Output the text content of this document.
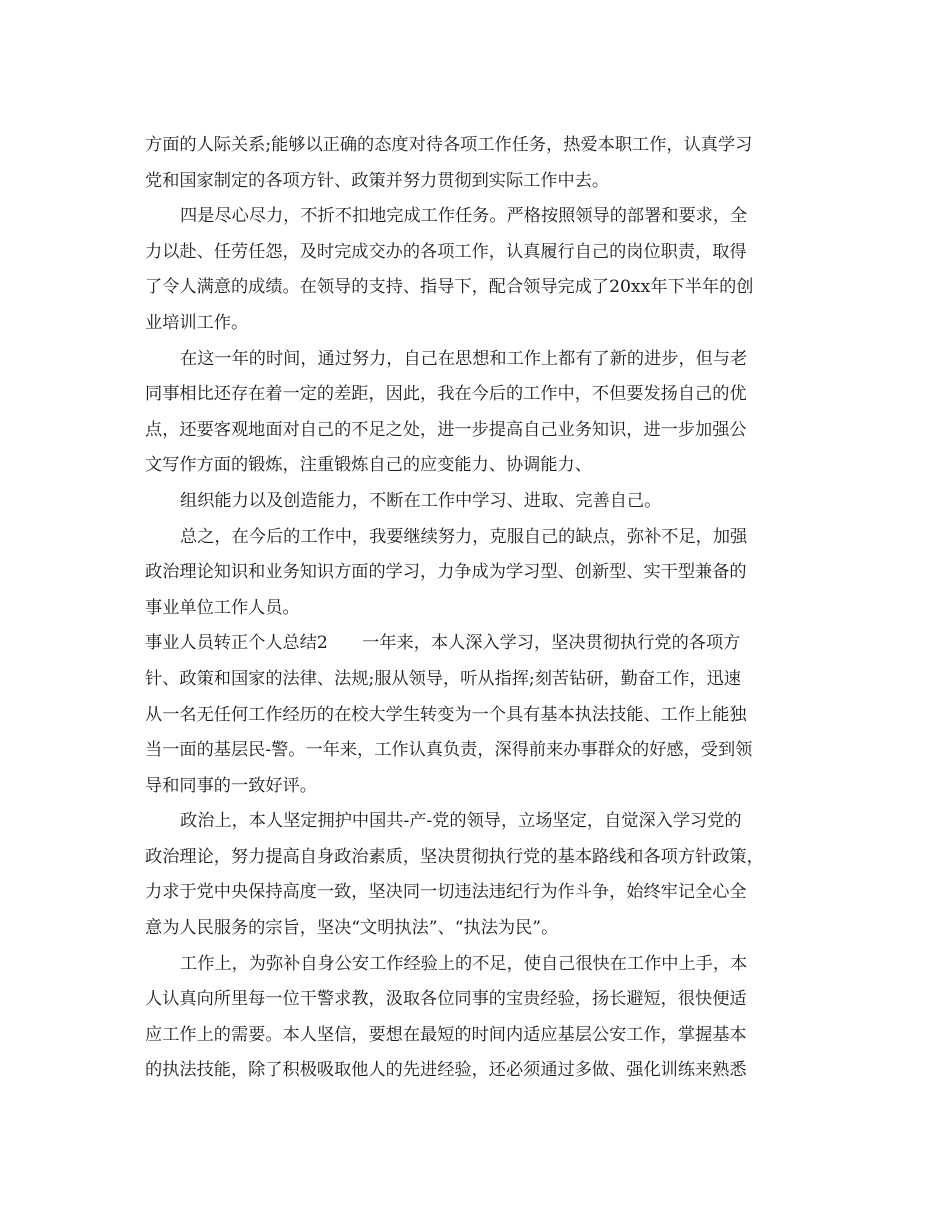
方面的人际关系;能够以正确的态度对待各项工作任务，热爱本职工作，认真学习
党和国家制定的各项方针、政策并努力贯彻到实际工作中去。
四是尽心尽力，不折不扣地完成工作任务。严格按照领导的部署和要求，全
力以赴、任劳任怨，及时完成交办的各项工作，认真履行自己的岗位职责，取得
了令人满意的成绩。在领导的支持、指导下，配合领导完成了20xx年下半年的创
业培训工作。
在这一年的时间，通过努力，自己在思想和工作上都有了新的进步，但与老
同事相比还存在着一定的差距，因此，我在今后的工作中，不但要发扬自己的优
点，还要客观地面对自己的不足之处，进一步提高自己业务知识，进一步加强公
文写作方面的锻炼，注重锻炼自己的应变能力、协调能力、
组织能力以及创造能力，不断在工作中学习、进取、完善自己。
总之，在今后的工作中，我要继续努力，克服自己的缺点，弥补不足，加强
政治理论知识和业务知识方面的学习，力争成为学习型、创新型、实干型兼备的
事业单位工作人员。
事业人员转正个人总结2　　一年来，本人深入学习，坚决贯彻执行党的各项方
针、政策和国家的法律、法规;服从领导，听从指挥;刻苦钻研，勤奋工作，迅速
从一名无任何工作经历的在校大学生转变为一个具有基本执法技能、工作上能独
当一面的基层民-警。一年来，工作认真负责，深得前来办事群众的好感，受到领
导和同事的一致好评。
政治上，本人坚定拥护中国共-产-党的领导，立场坚定，自觉深入学习党的
政治理论，努力提高自身政治素质，坚决贯彻执行党的基本路线和各项方针政策，
力求于党中央保持高度一致，坚决同一切违法违纪行为作斗争，始终牢记全心全
意为人民服务的宗旨，坚决“文明执法”、“执法为民”。
工作上，为弥补自身公安工作经验上的不足，使自己很快在工作中上手，本
人认真向所里每一位干警求教，汲取各位同事的宝贵经验，扬长避短，很快便适
应工作上的需要。本人坚信，要想在最短的时间内适应基层公安工作，掌握基本
的执法技能，除了积极吸取他人的先进经验，还必须通过多做、强化训练来熟悉
